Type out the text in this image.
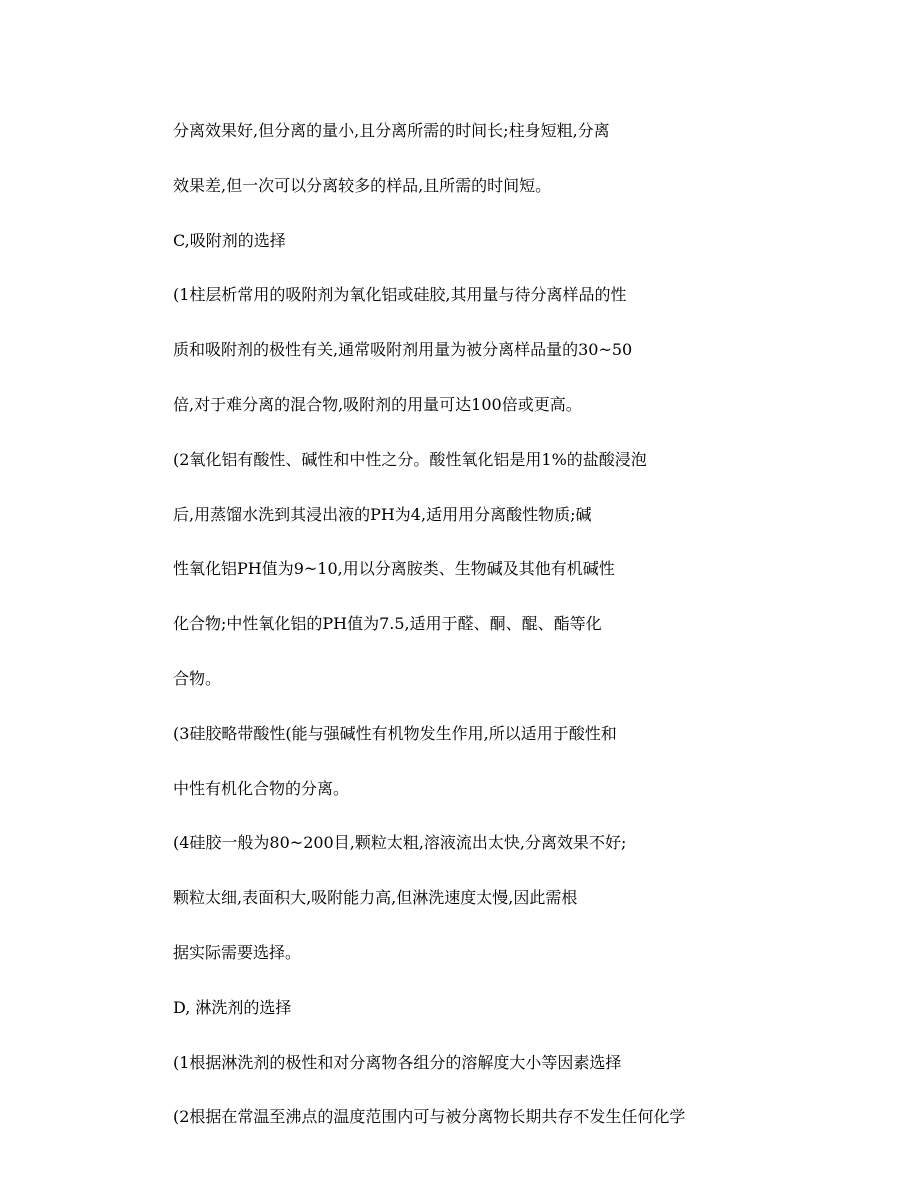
分离效果好,但分离的量小,且分离所需的时间长;柱身短粗,分离
效果差,但一次可以分离较多的样品,且所需的时间短。
C,吸附剂的选择
(1柱层析常用的吸附剂为氧化铝或硅胶,其用量与待分离样品的性
质和吸附剂的极性有关,通常吸附剂用量为被分离样品量的30~50
倍,对于难分离的混合物,吸附剂的用量可达100倍或更高。
(2氧化铝有酸性、碱性和中性之分。酸性氧化铝是用1%的盐酸浸泡
后,用蒸馏水洗到其浸出液的PH为4,适用用分离酸性物质;碱
性氧化铝PH值为9~10,用以分离胺类、生物碱及其他有机碱性
化合物;中性氧化铝的PH值为7.5,适用于醛、酮、醌、酯等化
合物。
(3硅胶略带酸性(能与强碱性有机物发生作用,所以适用于酸性和
中性有机化合物的分离。
(4硅胶一般为80~200目,颗粒太粗,溶液流出太快,分离效果不好;
颗粒太细,表面积大,吸附能力高,但淋洗速度太慢,因此需根
据实际需要选择。
D, 淋洗剂的选择
(1根据淋洗剂的极性和对分离物各组分的溶解度大小等因素选择
(2根据在常温至沸点的温度范围内可与被分离物长期共存不发生任何化学
